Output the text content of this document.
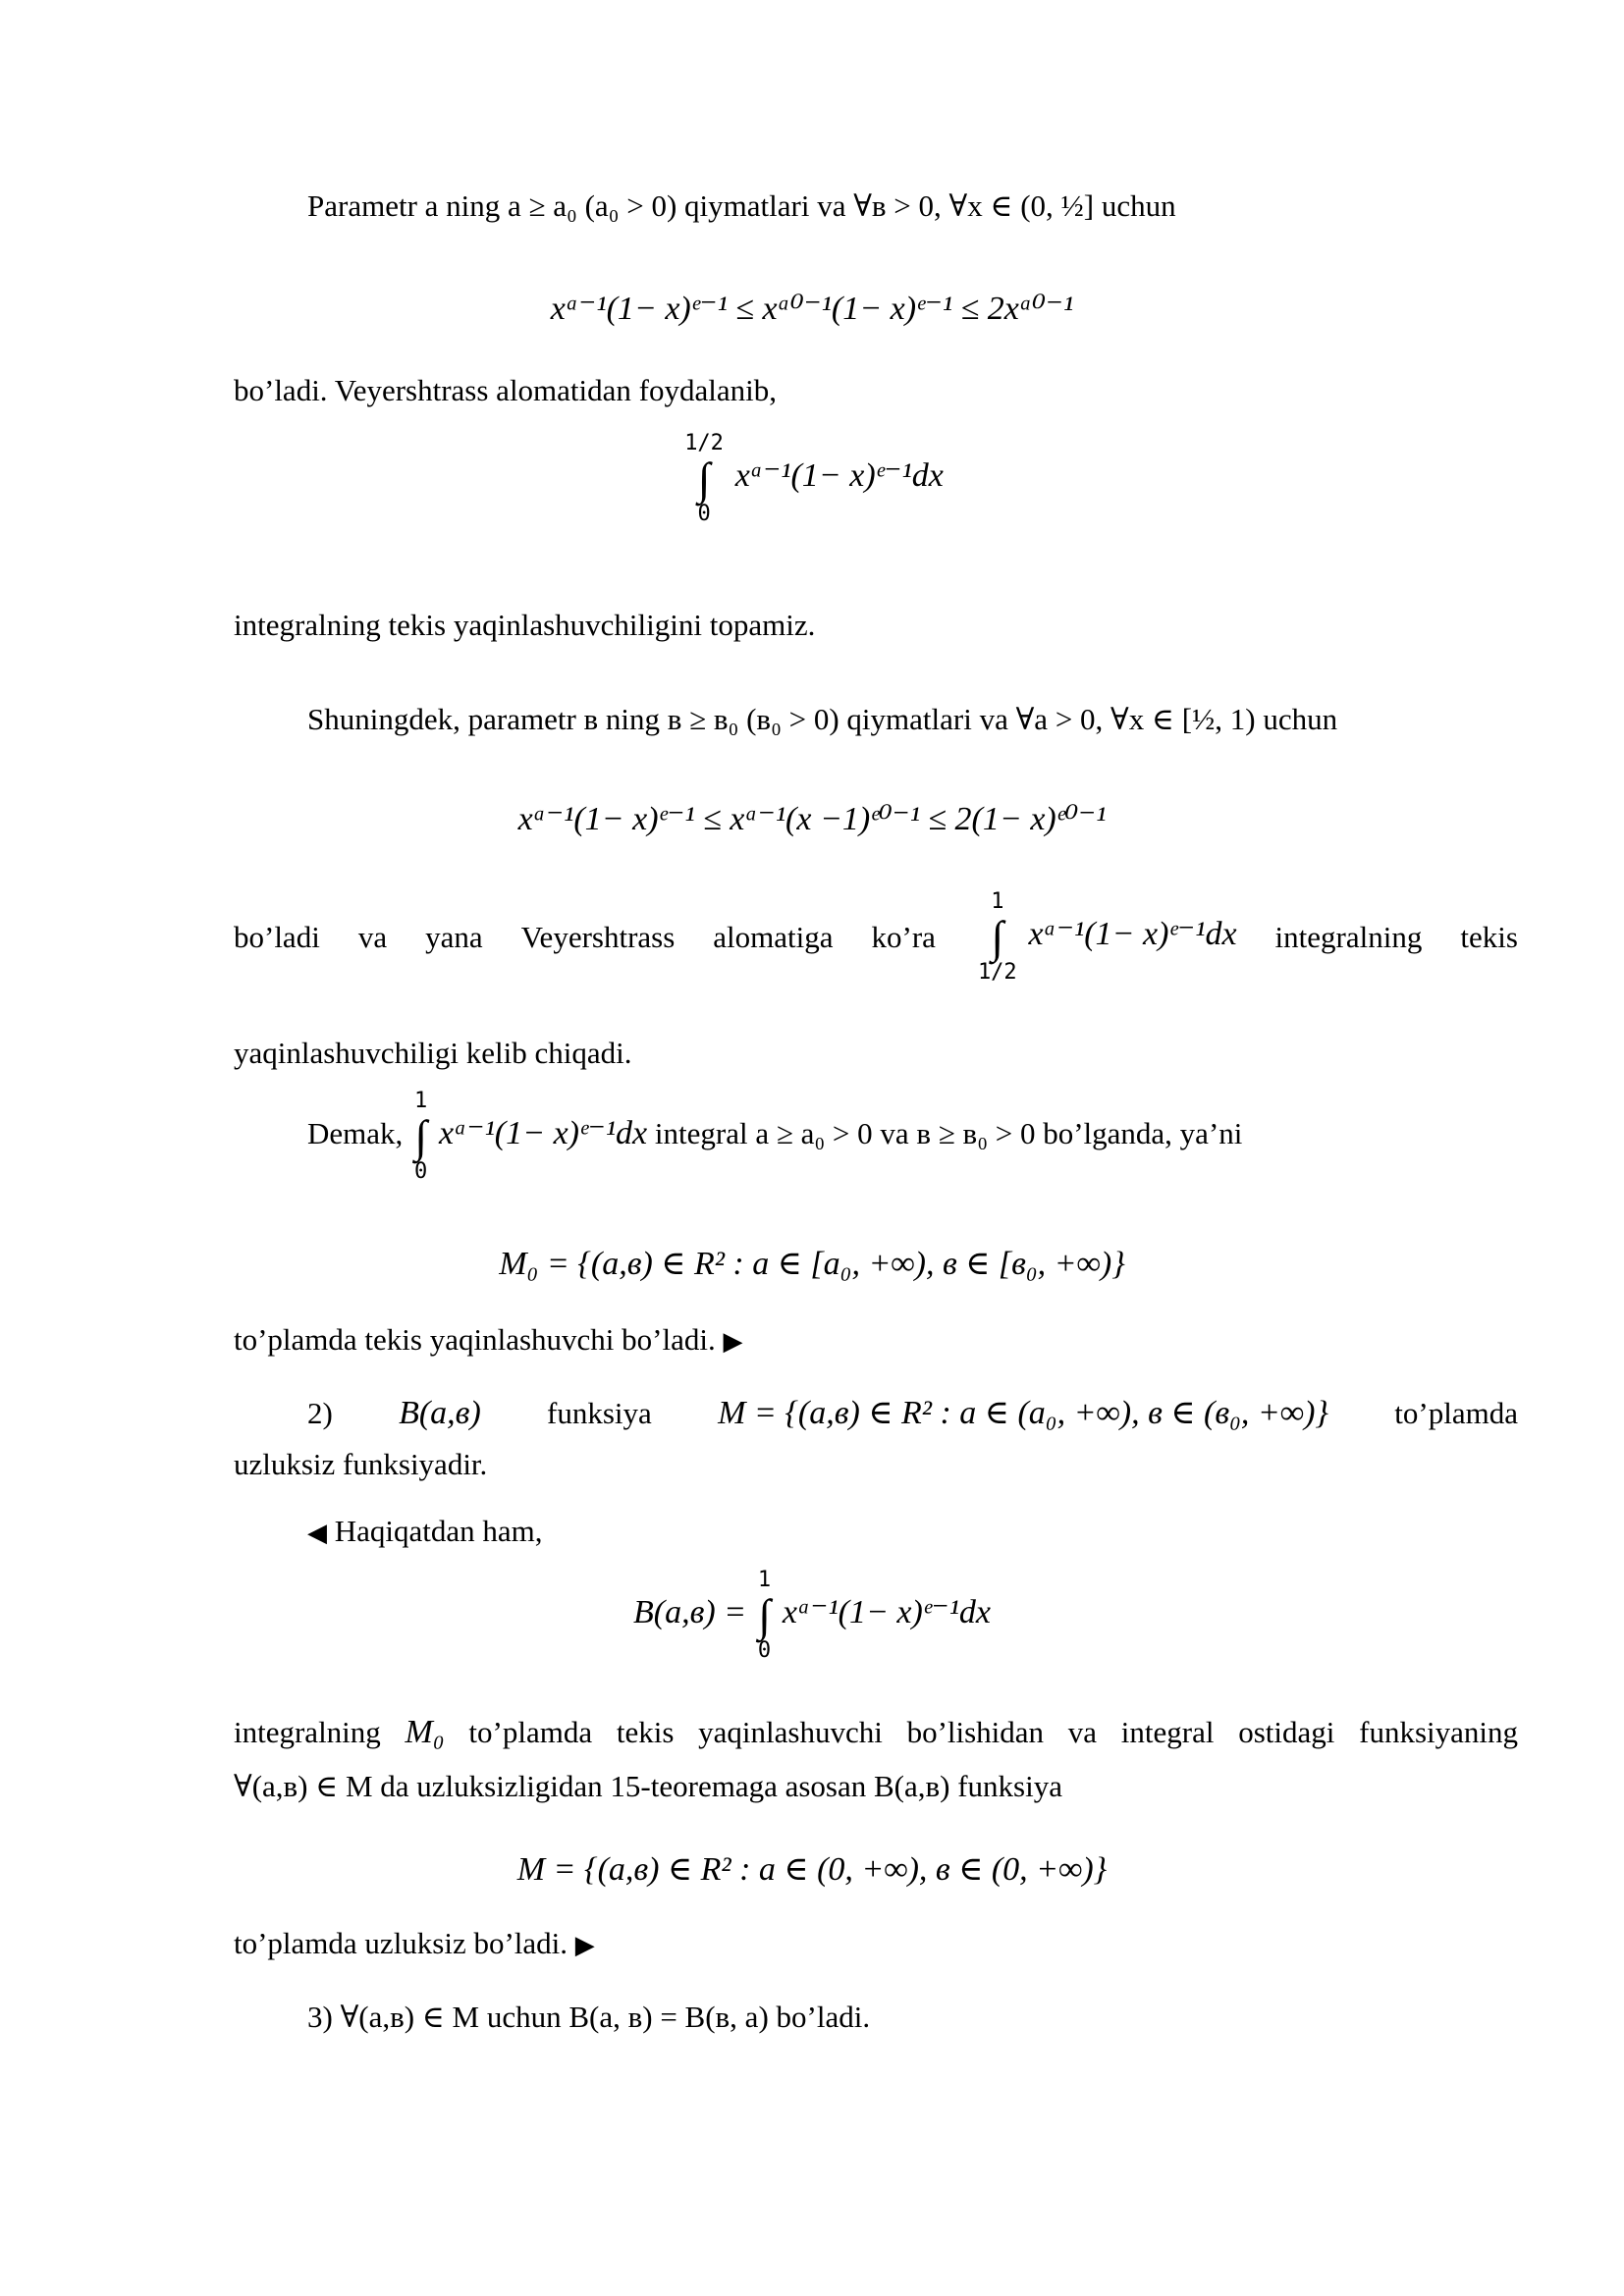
Parametr a ning a ≥ a₀ (a₀ > 0) qiymatlari va ∀в > 0, ∀x ∈ (0, ½] uchun
xᵃ⁻¹(1− x)ᵉ⁻¹ ≤ xᵃ⁰⁻¹(1− x)ᵉ⁻¹ ≤ 2xᵃ⁰⁻¹
bo’ladi. Veyershtrass alomatidan foydalanib,
1/2
∫
0
xᵃ⁻¹(1− x)ᵉ⁻¹dx
integralning tekis yaqinlashuvchiligini topamiz.
Shuningdek, parametr в ning в ≥ в₀ (в₀ > 0) qiymatlari va ∀a > 0, ∀x ∈ [½, 1) uchun
xᵃ⁻¹(1− x)ᵉ⁻¹ ≤ xᵃ⁻¹(x −1)ᵉ⁰⁻¹ ≤ 2(1− x)ᵉ⁰⁻¹
bo’ladi va yana Veyershtrass alomatiga ko’ra
1
∫
1/2
xᵃ⁻¹(1− x)ᵉ⁻¹dx integralning tekis
yaqinlashuvchiligi kelib chiqadi.
Demak,
1
∫
0
xᵃ⁻¹(1− x)ᵉ⁻¹dx integral a ≥ a₀ > 0 va в ≥ в₀ > 0 bo’lganda, ya’ni
M₀ = {(a,в) ∈ R² : a ∈ [a₀, +∞), в ∈ [в₀, +∞)}
to’plamda tekis yaqinlashuvchi bo’ladi. ▶
2) B(a,в) funksiya M = {(a,в) ∈ R² : a ∈ (a₀, +∞), в ∈ (в₀, +∞)} to’plamda
uzluksiz funksiyadir.
◀ Haqiqatdan ham,
B(a,в) =
1
∫
0
xᵃ⁻¹(1− x)ᵉ⁻¹dx
integralning M₀ to’plamda tekis yaqinlashuvchi bo’lishidan va integral ostidagi funksiyaning
∀(a,в) ∈ M da uzluksizligidan 15-teoremaga asosan B(a,в) funksiya
M = {(a,в) ∈ R² : a ∈ (0, +∞), в ∈ (0, +∞)}
to’plamda uzluksiz bo’ladi. ▶
3) ∀(a,в) ∈ M uchun B(a, в) = B(в, a) bo’ladi.
